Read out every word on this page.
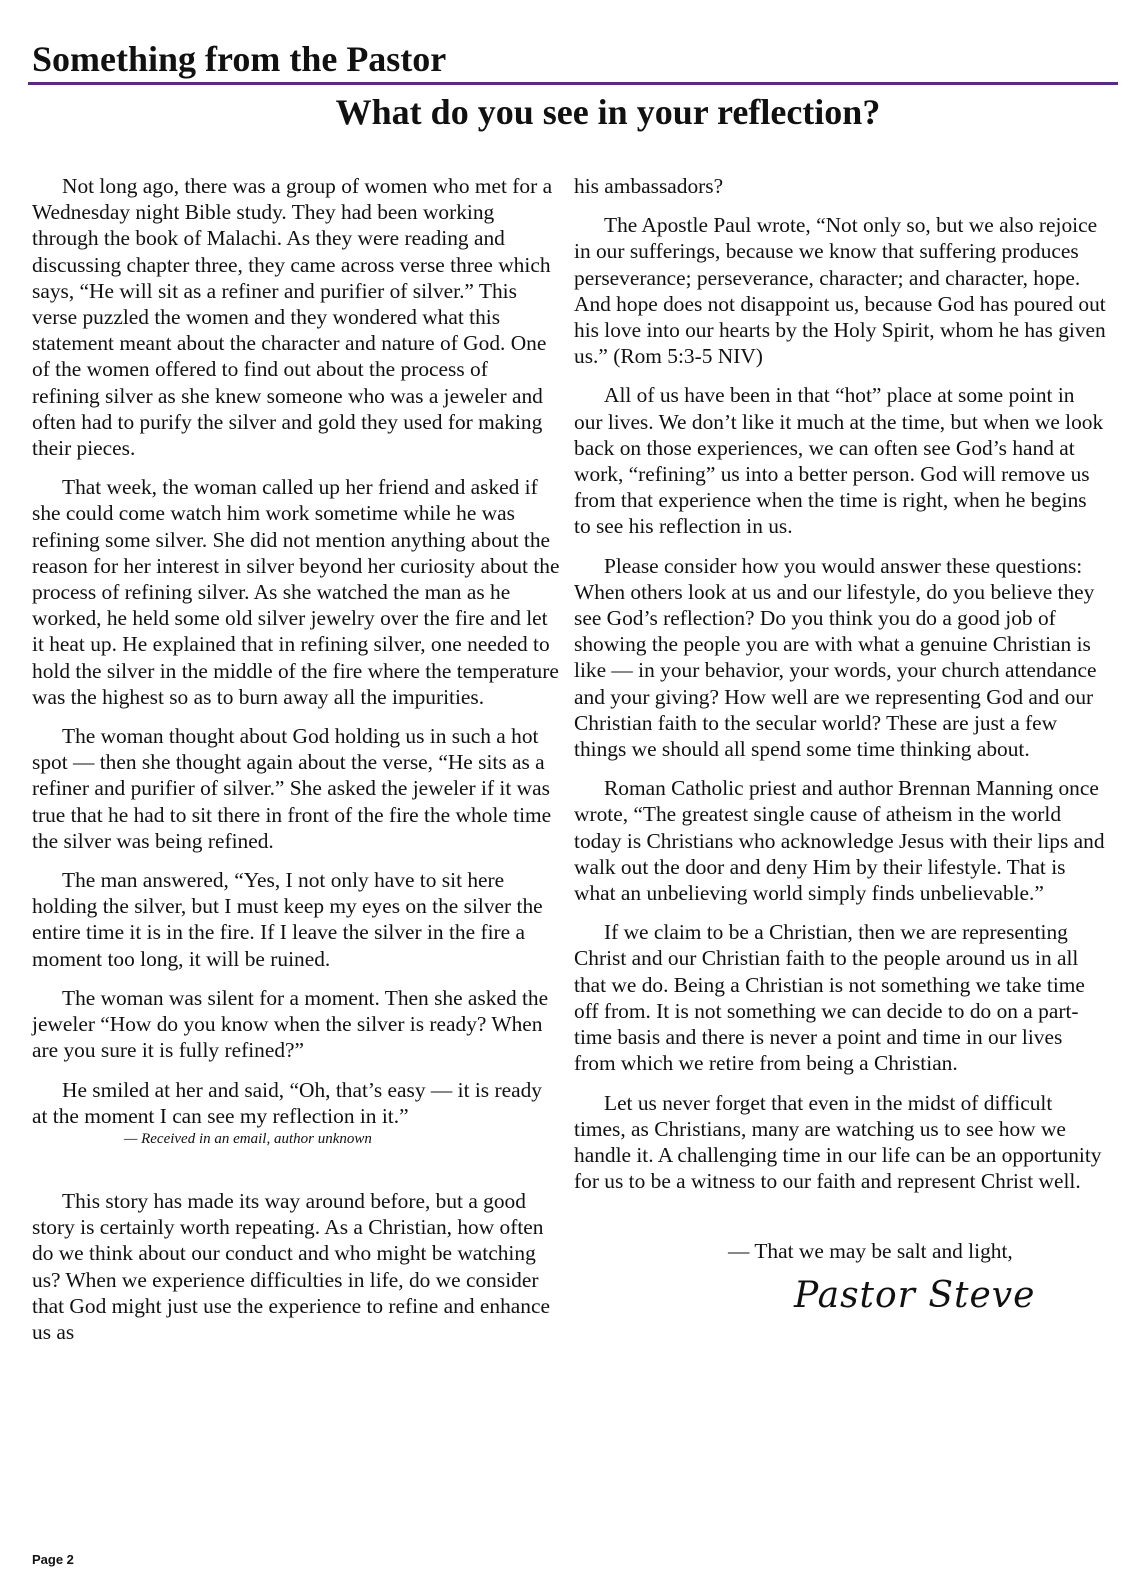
Something from the Pastor
What do you see in your reflection?

Not long ago, there was a group of women who met for a Wednesday night Bible study. They had been working through the book of Malachi. As they were reading and discussing chapter three, they came across verse three which says, “He will sit as a refiner and purifier of silver.” This verse puzzled the women and they wondered what this statement meant about the character and nature of God. One of the women offered to find out about the process of refining silver as she knew someone who was a jeweler and often had to purify the silver and gold they used for making their pieces.

That week, the woman called up her friend and asked if she could come watch him work sometime while he was refining some silver. She did not mention anything about the reason for her interest in silver beyond her curiosity about the process of refining silver. As she watched the man as he worked, he held some old silver jewelry over the fire and let it heat up. He explained that in refining silver, one needed to hold the silver in the middle of the fire where the temperature was the highest so as to burn away all the impurities.

The woman thought about God holding us in such a hot spot — then she thought again about the verse, “He sits as a refiner and purifier of silver.” She asked the jeweler if it was true that he had to sit there in front of the fire the whole time the silver was being refined.

The man answered, “Yes, I not only have to sit here holding the silver, but I must keep my eyes on the silver the entire time it is in the fire. If I leave the silver in the fire a moment too long, it will be ruined.

The woman was silent for a moment. Then she asked the jeweler “How do you know when the silver is ready? When are you sure it is fully refined?”

He smiled at her and said, “Oh, that’s easy — it is ready at the moment I can see my reflection in it.”

— Received in an email, author unknown

This story has made its way around before, but a good story is certainly worth repeating. As a Christian, how often do we think about our conduct and who might be watching us? When we experience difficulties in life, do we consider that God might just use the experience to refine and enhance us as

his ambassadors?

The Apostle Paul wrote, “Not only so, but we also rejoice in our sufferings, because we know that suffering produces perseverance; perseverance, character; and character, hope. And hope does not disappoint us, because God has poured out his love into our hearts by the Holy Spirit, whom he has given us.” (Rom 5:3-5 NIV)

All of us have been in that “hot” place at some point in our lives. We don’t like it much at the time, but when we look back on those experiences, we can often see God’s hand at work, “refining” us into a better person. God will remove us from that experience when the time is right, when he begins to see his reflection in us.

Please consider how you would answer these questions: When others look at us and our lifestyle, do you believe they see God’s reflection? Do you think you do a good job of showing the people you are with what a genuine Christian is like — in your behavior, your words, your church attendance and your giving? How well are we representing God and our Christian faith to the secular world? These are just a few things we should all spend some time thinking about.

Roman Catholic priest and author Brennan Manning once wrote, “The greatest single cause of atheism in the world today is Christians who acknowledge Jesus with their lips and walk out the door and deny Him by their lifestyle. That is what an unbelieving world simply finds unbelievable.”

If we claim to be a Christian, then we are representing Christ and our Christian faith to the people around us in all that we do. Being a Christian is not something we take time off from. It is not something we can decide to do on a part-time basis and there is never a point and time in our lives from which we retire from being a Christian.

Let us never forget that even in the midst of difficult times, as Christians, many are watching us to see how we handle it. A challenging time in our life can be an opportunity for us to be a witness to our faith and represent Christ well.

— That we may be salt and light,
Pastor Steve
Page 2
